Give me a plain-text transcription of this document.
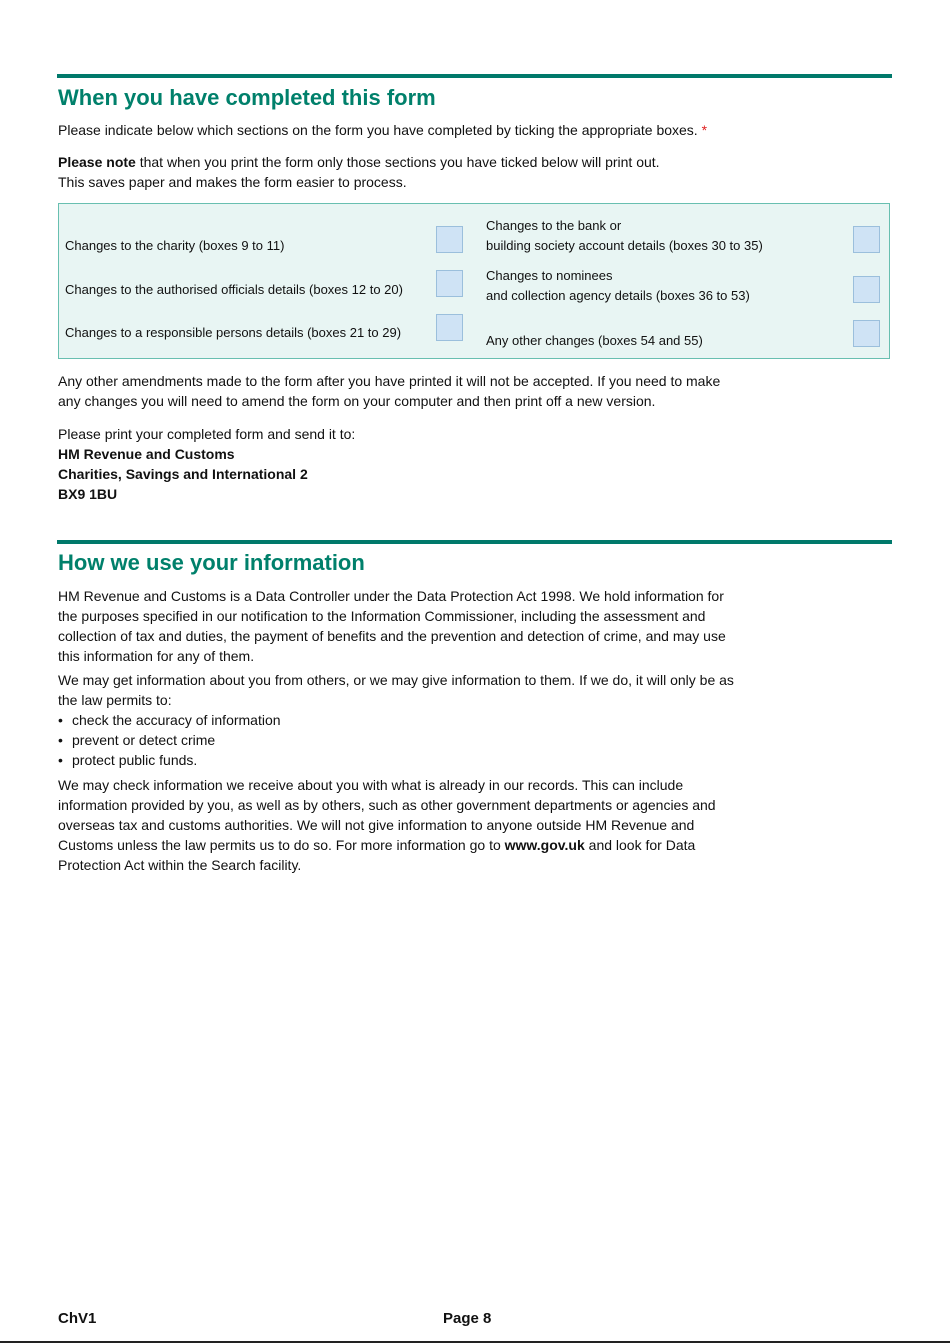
When you have completed this form
Please indicate below which sections on the form you have completed by ticking the appropriate boxes. *

Please note that when you print the form only those sections you have ticked below will print out.

This saves paper and makes the form easier to process.

Changes to the charity (boxes 9 to 11)
Changes to the authorised officials details (boxes 12 to 20)
Changes to a responsible persons details (boxes 21 to 29)
Changes to the bank or
building society account details (boxes 30 to 35)
Changes to nominees
and collection agency details (boxes 36 to 53)
Any other changes (boxes 54 and 55)

Any other amendments made to the form after you have printed it will not be accepted. If you need to make

any changes you will need to amend the form on your computer and then print off a new version.

Please print your completed form and send it to:

HM Revenue and Customs

Charities, Savings and International 2

BX9 1BU

How we use your information

HM Revenue and Customs is a Data Controller under the Data Protection Act 1998. We hold information for

the purposes specified in our notification to the Information Commissioner, including the assessment and

collection of tax and duties, the payment of benefits and the prevention and detection of crime, and may use

this information for any of them.

We may get information about you from others, or we may give information to them. If we do, it will only be as

the law permits to:

• check the accuracy of information
• prevent or detect crime
• protect public funds.

We may check information we receive about you with what is already in our records. This can include

information provided by you, as well as by others, such as other government departments or agencies and

overseas tax and customs authorities. We will not give information to anyone outside HM Revenue and

Customs unless the law permits us to do so. For more information go to www.gov.uk and look for Data

Protection Act within the Search facility.

ChV1	Page 8
